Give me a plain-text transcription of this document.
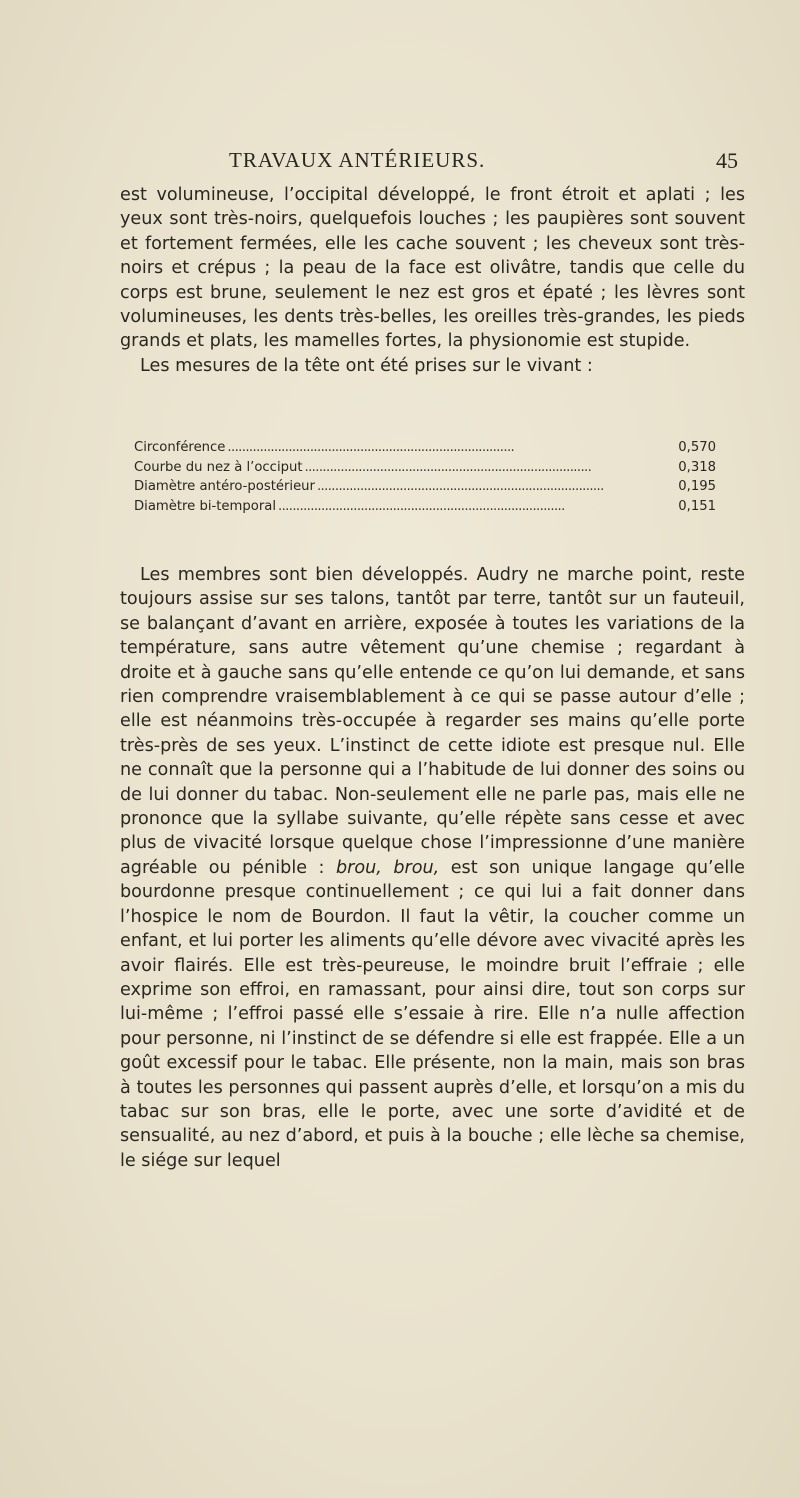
TRAVAUX ANTÉRIEURS.	45

est volumineuse, l’occipital développé, le front étroit et aplati ; les yeux sont très-noirs, quelquefois louches ; les paupières sont souvent et fortement fermées, elle les cache souvent ; les cheveux sont très-noirs et crépus ; la peau de la face est olivâtre, tandis que celle du corps est brune, seulement le nez est gros et épaté ; les lèvres sont volumineuses, les dents très-belles, les oreilles très-grandes, les pieds grands et plats, les mamelles fortes, la physionomie est stupide.

Les mesures de la tête ont été prises sur le vivant :

Circonférence . . .	0,570
Courbe du nez à l’occiput . . .	0,318
Diamètre antéro-postérieur . . .	0,195
Diamètre bi-temporal . . .	0,151

Les membres sont bien développés. Audry ne marche point, reste toujours assise sur ses talons, tantôt par terre, tantôt sur un fauteuil, se balançant d’avant en arrière, exposée à toutes les variations de la température, sans autre vêtement qu’une chemise ; regardant à droite et à gauche sans qu’elle entende ce qu’on lui demande, et sans rien comprendre vraisemblablement à ce qui se passe autour d’elle ; elle est néanmoins très-occupée à regarder ses mains qu’elle porte très-près de ses yeux. L’instinct de cette idiote est presque nul. Elle ne connaît que la personne qui a l’habitude de lui donner des soins ou de lui donner du tabac. Non-seulement elle ne parle pas, mais elle ne prononce que la syllabe suivante, qu’elle répète sans cesse et avec plus de vivacité lorsque quelque chose l’impressionne d’une manière agréable ou pénible : brou, brou, est son unique langage qu’elle bourdonne presque continuellement ; ce qui lui a fait donner dans l’hospice le nom de Bourdon. Il faut la vêtir, la coucher comme un enfant, et lui porter les aliments qu’elle dévore avec vivacité après les avoir flairés. Elle est très-peureuse, le moindre bruit l’effraie ; elle exprime son effroi, en ramassant, pour ainsi dire, tout son corps sur lui-même ; l’effroi passé elle s’essaie à rire. Elle n’a nulle affection pour personne, ni l’instinct de se défendre si elle est frappée. Elle a un goût excessif pour le tabac. Elle présente, non la main, mais son bras à toutes les personnes qui passent auprès d’elle, et lorsqu’on a mis du tabac sur son bras, elle le porte, avec une sorte d’avidité et de sensualité, au nez d’abord, et puis à la bouche ; elle lèche sa chemise, le siége sur lequel
